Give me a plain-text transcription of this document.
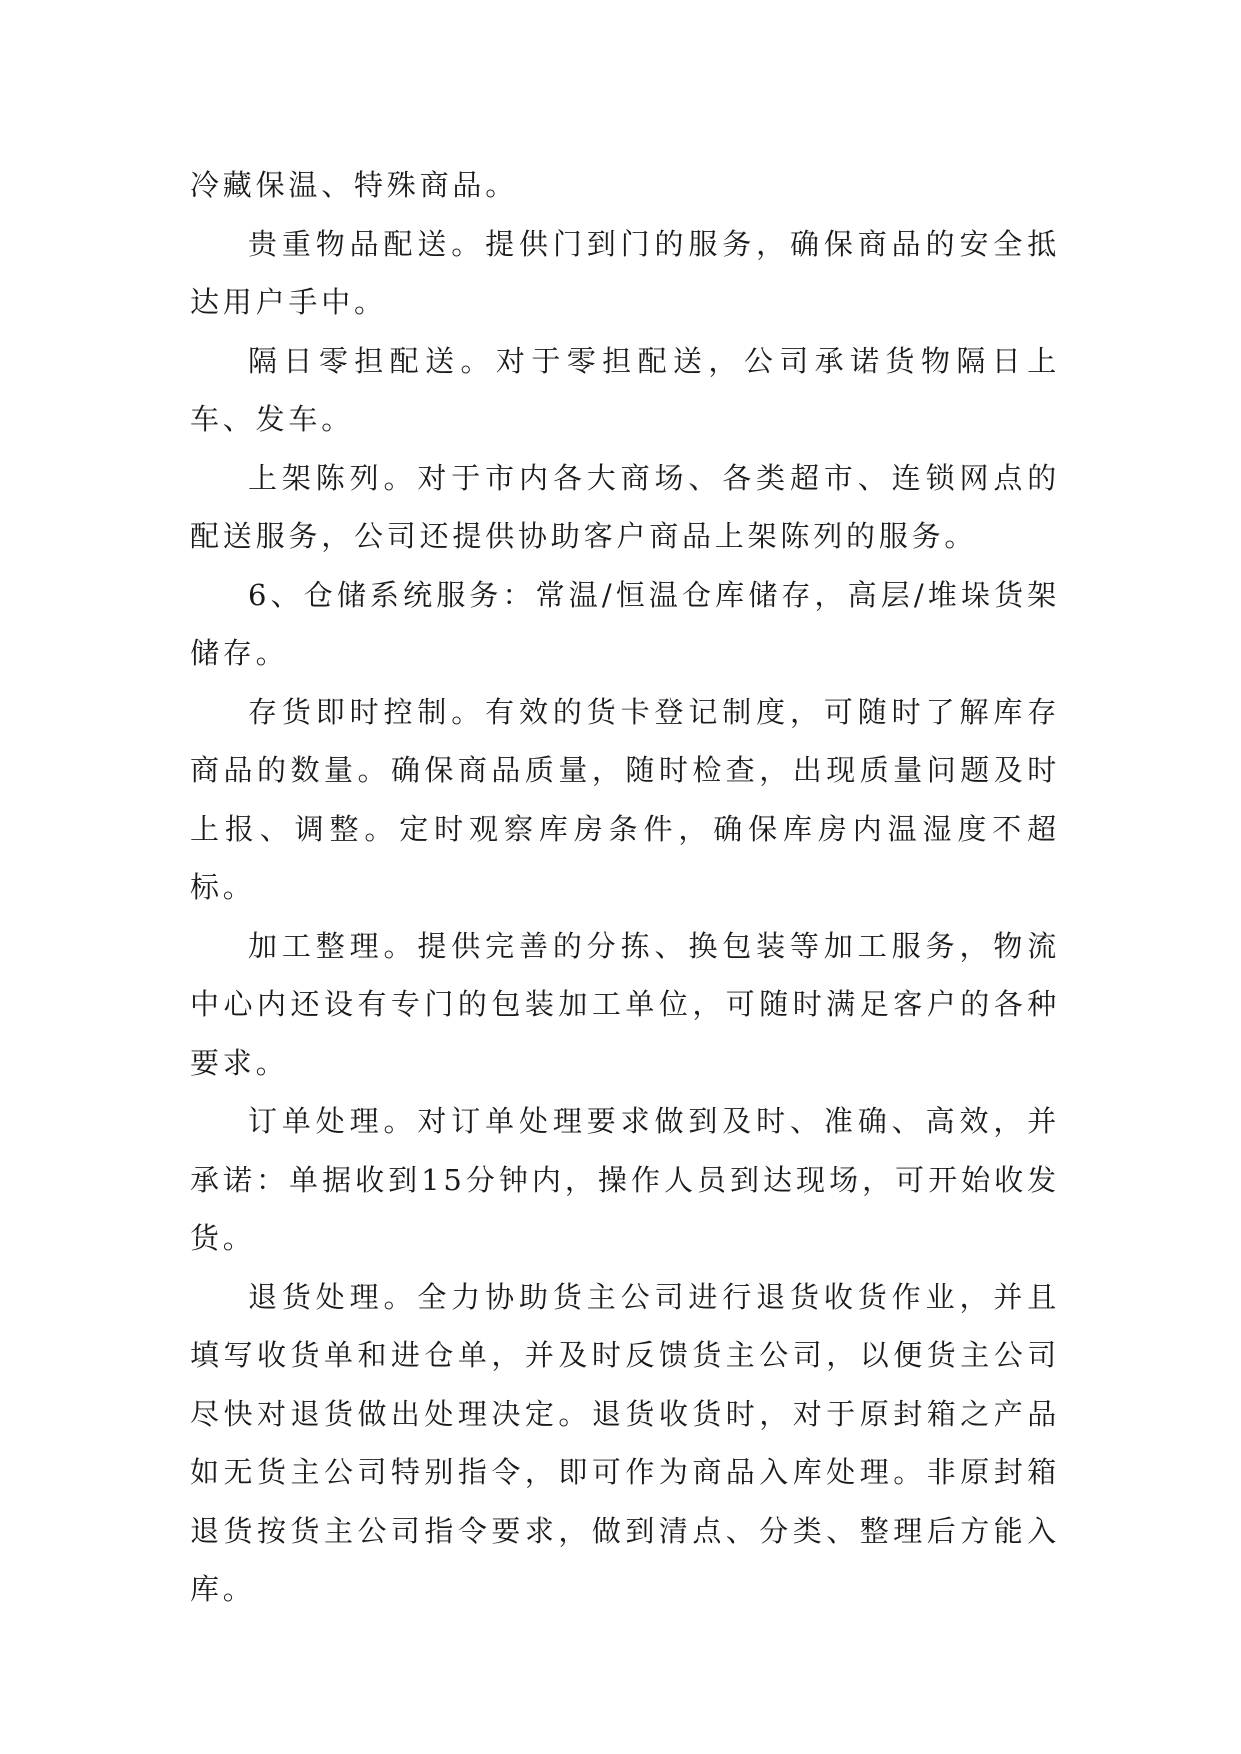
冷藏保温、特殊商品。

贵重物品配送。提供门到门的服务，确保商品的安全抵达用户手中。

隔日零担配送。对于零担配送，公司承诺货物隔日上车、发车。

上架陈列。对于市内各大商场、各类超市、连锁网点的配送服务，公司还提供协助客户商品上架陈列的服务。

6、仓储系统服务：常温/恒温仓库储存，高层/堆垛货架储存。

存货即时控制。有效的货卡登记制度，可随时了解库存商品的数量。确保商品质量，随时检查，出现质量问题及时上报、调整。定时观察库房条件，确保库房内温湿度不超标。

加工整理。提供完善的分拣、换包装等加工服务，物流中心内还设有专门的包装加工单位，可随时满足客户的各种要求。

订单处理。对订单处理要求做到及时、准确、高效，并承诺：单据收到15分钟内，操作人员到达现场，可开始收发货。

退货处理。全力协助货主公司进行退货收货作业，并且填写收货单和进仓单，并及时反馈货主公司，以便货主公司尽快对退货做出处理决定。退货收货时，对于原封箱之产品如无货主公司特别指令，即可作为商品入库处理。非原封箱退货按货主公司指令要求，做到清点、分类、整理后方能入库。
